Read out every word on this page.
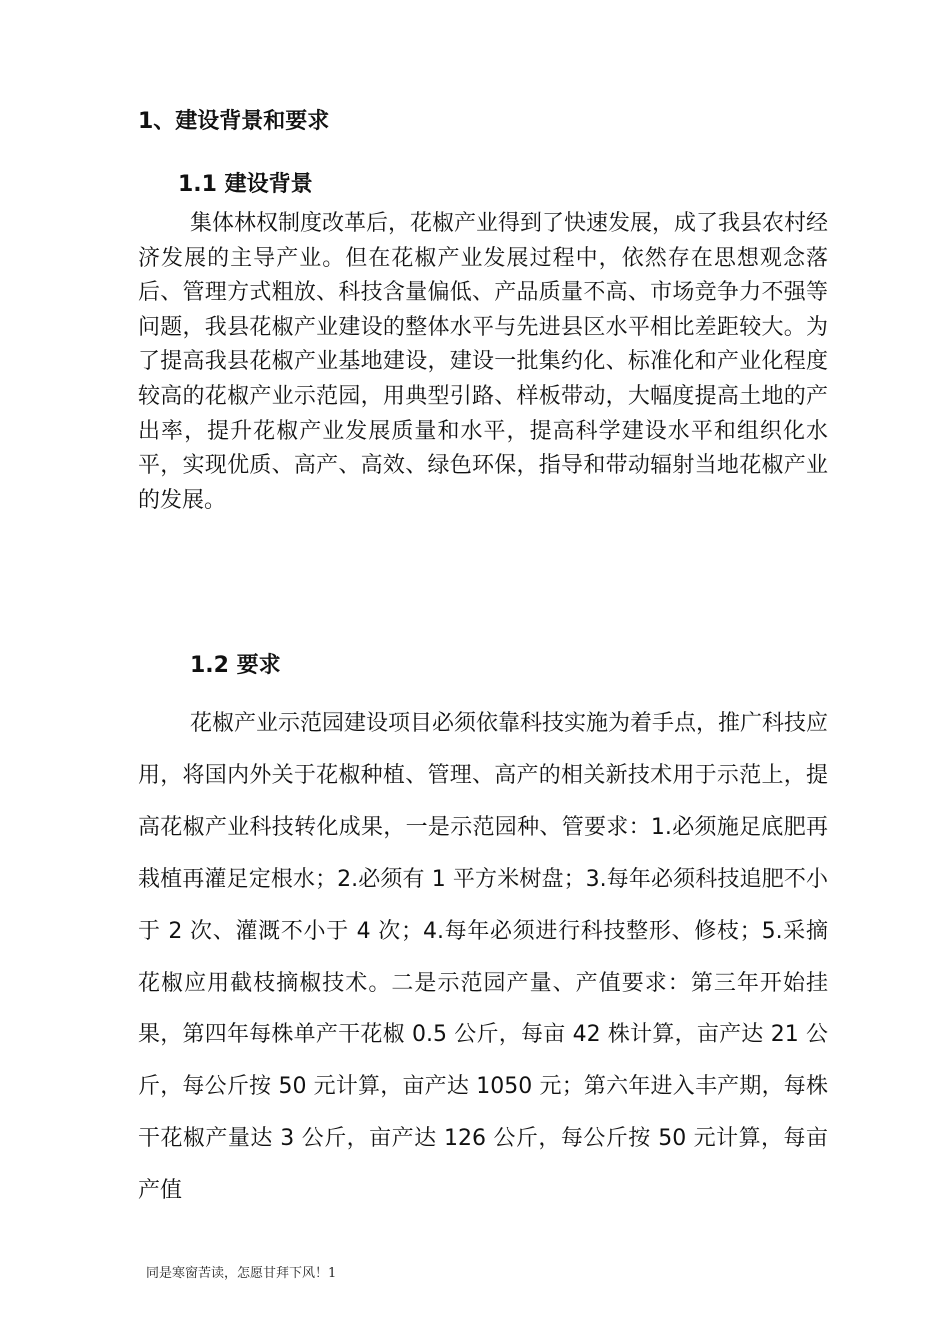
1、建设背景和要求
1.1 建设背景

集体林权制度改革后，花椒产业得到了快速发展，成了我县农村经济发展的主导产业。但在花椒产业发展过程中，依然存在思想观念落后、管理方式粗放、科技含量偏低、产品质量不高、市场竞争力不强等问题，我县花椒产业建设的整体水平与先进县区水平相比差距较大。为了提高我县花椒产业基地建设，建设一批集约化、标准化和产业化程度较高的花椒产业示范园，用典型引路、样板带动，大幅度提高土地的产出率，提升花椒产业发展质量和水平，提高科学建设水平和组织化水平，实现优质、高产、高效、绿色环保，指导和带动辐射当地花椒产业的发展。

1.2 要求

花椒产业示范园建设项目必须依靠科技实施为着手点，推广科技应用，将国内外关于花椒种植、管理、高产的相关新技术用于示范上，提高花椒产业科技转化成果，一是示范园种、管要求：1.必须施足底肥再栽植再灌足定根水；2.必须有 1 平方米树盘；3.每年必须科技追肥不小于 2 次、灌溉不小于 4 次；4.每年必须进行科技整形、修枝；5.采摘花椒应用截枝摘椒技术。二是示范园产量、产值要求：第三年开始挂果，第四年每株单产干花椒 0.5 公斤，每亩 42 株计算，亩产达 21 公斤，每公斤按 50 元计算，亩产达 1050 元；第六年进入丰产期，每株干花椒产量达 3 公斤，亩产达 126 公斤，每公斤按 50 元计算，每亩产值

同是寒窗苦读，怎愿甘拜下风！1
